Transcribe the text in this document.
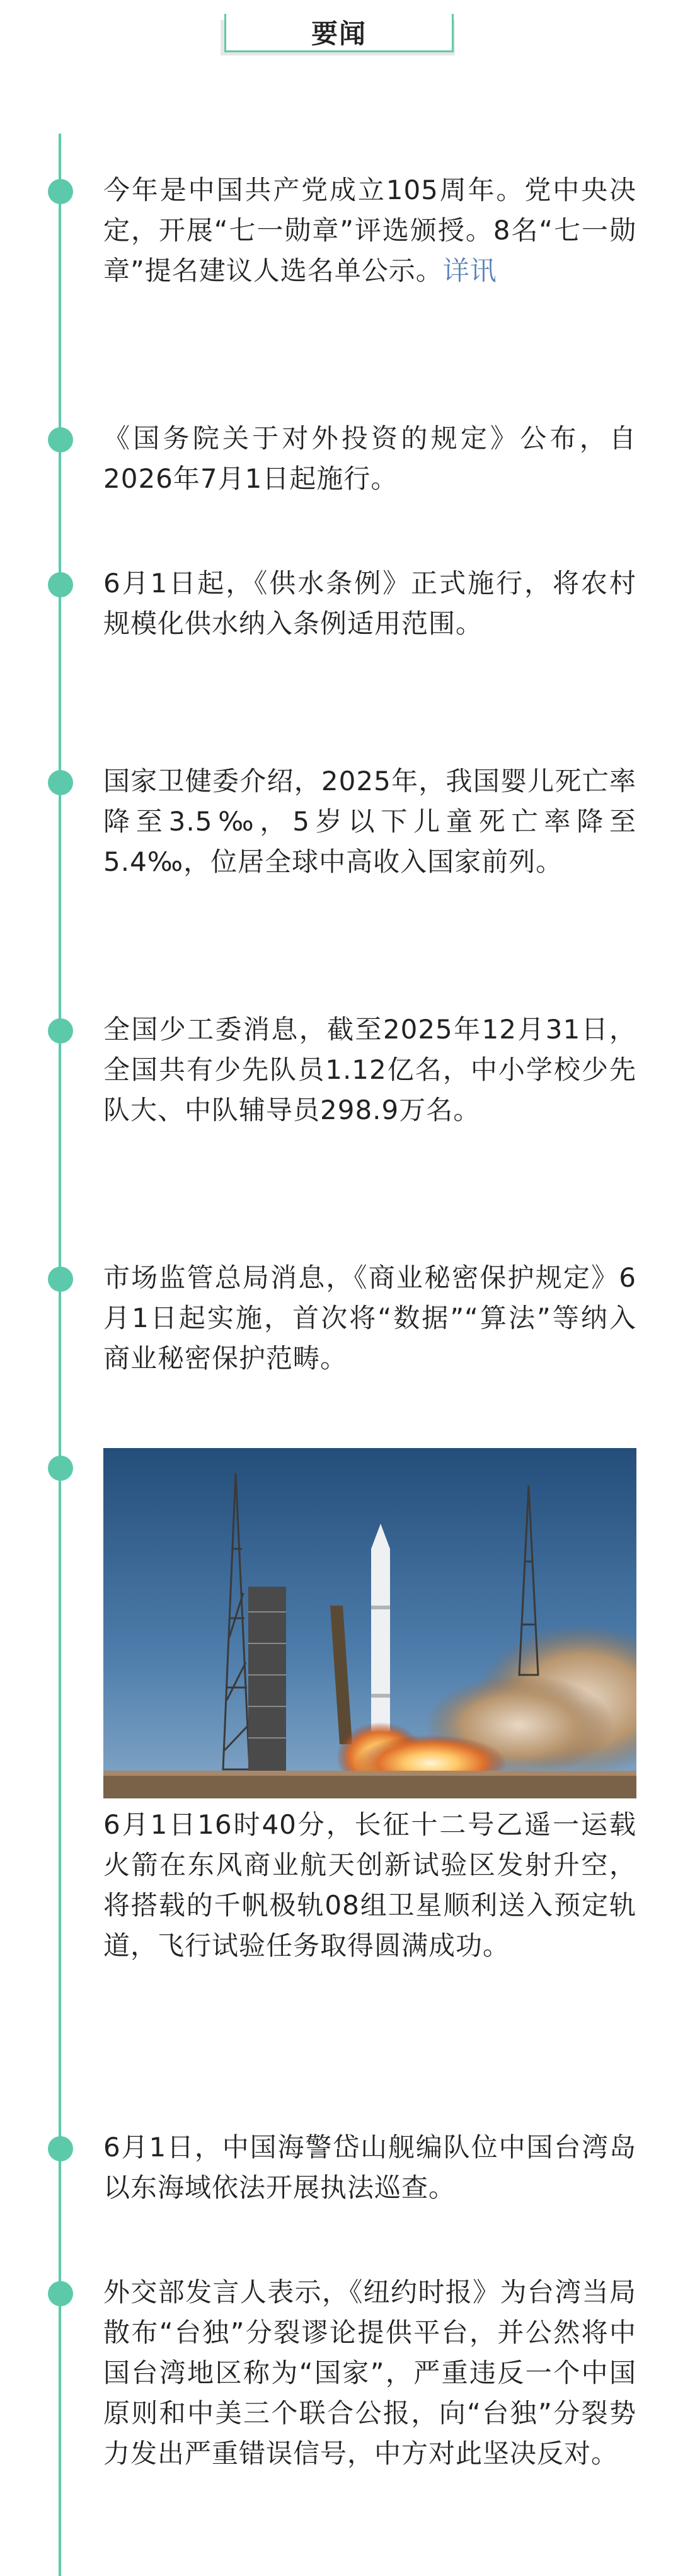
要闻
今年是中国共产党成立105周年。党中央决定，开展“七一勋章”评选颁授。8名“七一勋章”提名建议人选名单公示。详讯
《国务院关于对外投资的规定》公布，自2026年7月1日起施行。
6月1日起，《供水条例》正式施行，将农村规模化供水纳入条例适用范围。
国家卫健委介绍，2025年，我国婴儿死亡率降至3.5‰，5岁以下儿童死亡率降至5.4‰，位居全球中高收入国家前列。
全国少工委消息，截至2025年12月31日，全国共有少先队员1.12亿名，中小学校少先队大、中队辅导员298.9万名。
市场监管总局消息，《商业秘密保护规定》6月1日起实施，首次将“数据”“算法”等纳入商业秘密保护范畴。
6月1日16时40分，长征十二号乙遥一运载火箭在东风商业航天创新试验区发射升空，将搭载的千帆极轨08组卫星顺利送入预定轨道，飞行试验任务取得圆满成功。
6月1日，中国海警岱山舰编队位中国台湾岛以东海域依法开展执法巡查。
外交部发言人表示，《纽约时报》为台湾当局散布“台独”分裂谬论提供平台，并公然将中国台湾地区称为“国家”，严重违反一个中国原则和中美三个联合公报，向“台独”分裂势力发出严重错误信号，中方对此坚决反对。
